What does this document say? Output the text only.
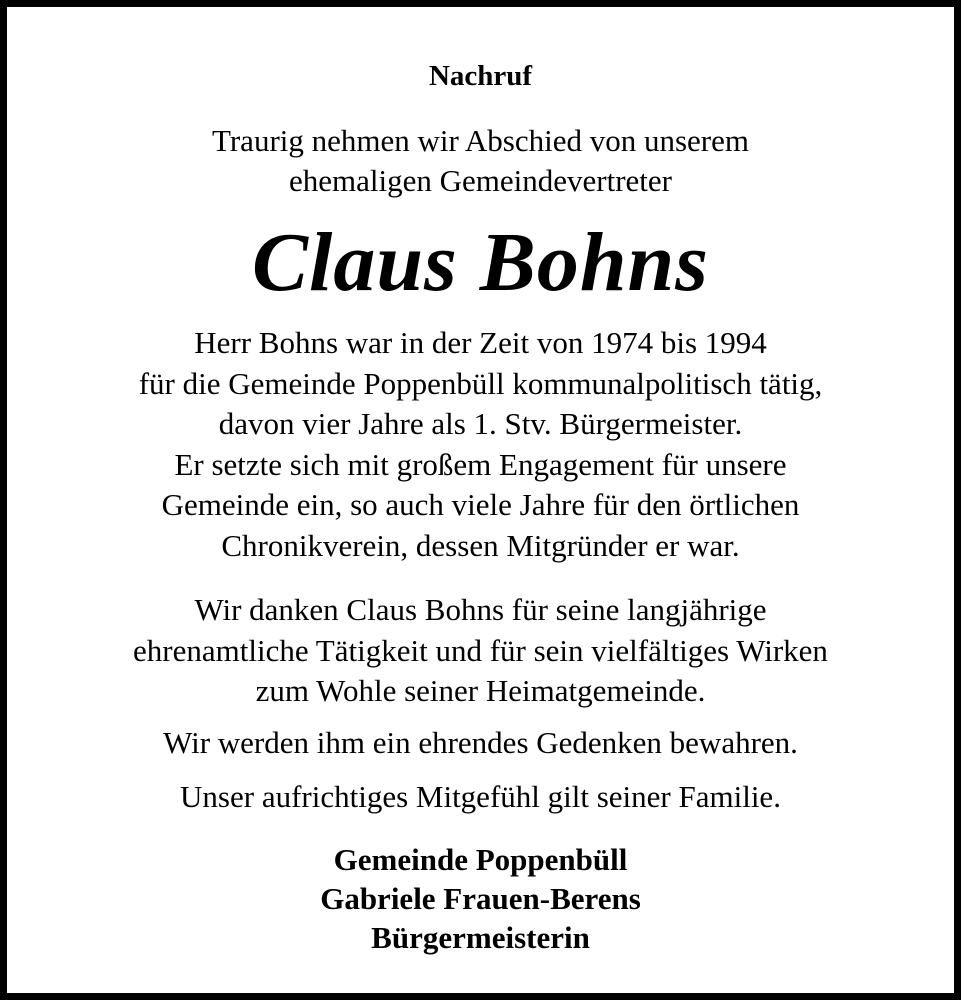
Nachruf
Traurig nehmen wir Abschied von unserem
ehemaligen Gemeindevertreter
Claus Bohns
Herr Bohns war in der Zeit von 1974 bis 1994
für die Gemeinde Poppenbüll kommunalpolitisch tätig,
davon vier Jahre als 1. Stv. Bürgermeister.
Er setzte sich mit großem Engagement für unsere
Gemeinde ein, so auch viele Jahre für den örtlichen
Chronikverein, dessen Mitgründer er war.
Wir danken Claus Bohns für seine langjährige
ehrenamtliche Tätigkeit und für sein vielfältiges Wirken
zum Wohle seiner Heimatgemeinde.
Wir werden ihm ein ehrendes Gedenken bewahren.
Unser aufrichtiges Mitgefühl gilt seiner Familie.
Gemeinde Poppenbüll
Gabriele Frauen-Berens
Bürgermeisterin
